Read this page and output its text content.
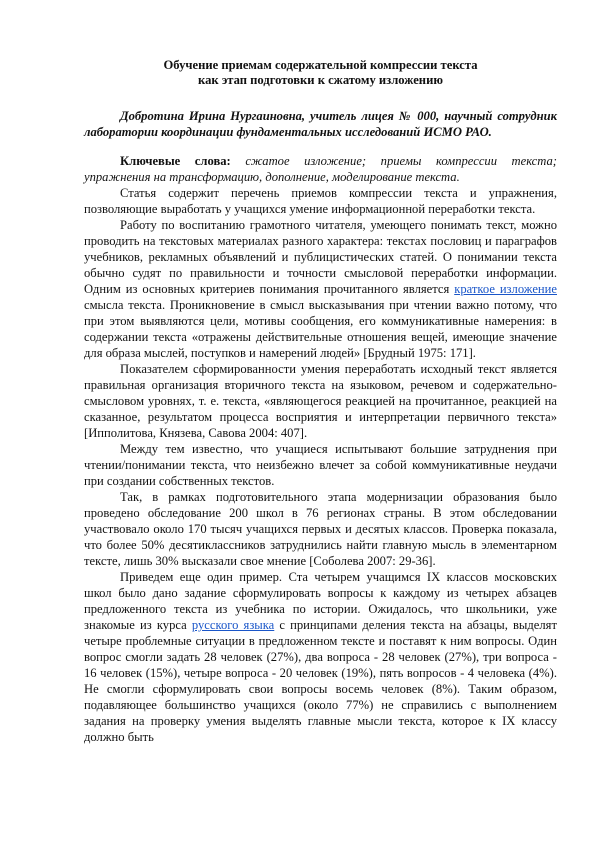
Обучение приемам содержательной компрессии текста
как этап подготовки к сжатому изложению

Добротина Ирина Нургаиновна, учитель лицея № 000, научный сотрудник лаборатории координации фундаментальных исследований ИСМО РАО.

Ключевые слова: сжатое изложение; приемы компрессии текста; упражнения на трансформацию, дополнение, моделирование текста.

Статья содержит перечень приемов компрессии текста и упражнения, позволяющие выработать у учащихся умение информационной переработки текста.

Работу по воспитанию грамотного читателя, умеющего понимать текст, можно проводить на текстовых материалах разного характера: текстах пословиц и параграфов учебников, рекламных объявлений и публицистических статей. О понимании текста обычно судят по правильности и точности смысловой переработки информации. Одним из основных критериев понимания прочитанного является краткое изложение смысла текста. Проникновение в смысл высказывания при чтении важно потому, что при этом выявляются цели, мотивы сообщения, его коммуникативные намерения: в содержании текста «отражены действительные отношения вещей, имеющие значение для образа мыслей, поступков и намерений людей» [Брудный 1975: 171].

Показателем сформированности умения переработать исходный текст является правильная организация вторичного текста на языковом, речевом и содержательно-смысловом уровнях, т. е. текста, «являющегося реакцией на прочитанное, реакцией на сказанное, результатом процесса восприятия и интерпретации первичного текста» [Ипполитова, Князева, Савова 2004: 407].

Между тем известно, что учащиеся испытывают большие затруднения при чтении/понимании текста, что неизбежно влечет за собой коммуникативные неудачи при создании собственных текстов.

Так, в рамках подготовительного этапа модернизации образования было проведено обследование 200 школ в 76 регионах страны. В этом обследовании участвовало около 170 тысяч учащихся первых и десятых классов. Проверка показала, что более 50% десятиклассников затруднились найти главную мысль в элементарном тексте, лишь 30% высказали свое мнение [Соболева 2007: 29-36].

Приведем еще один пример. Ста четырем учащимся IX классов московских школ было дано задание сформулировать вопросы к каждому из четырех абзацев предложенного текста из учебника по истории. Ожидалось, что школьники, уже знакомые из курса русского языка с принципами деления текста на абзацы, выделят четыре проблемные ситуации в предложенном тексте и поставят к ним вопросы. Один вопрос смогли задать 28 человек (27%), два вопроса - 28 человек (27%), три вопроса - 16 человек (15%), четыре вопроса - 20 человек (19%), пять вопросов - 4 человека (4%). Не смогли сформулировать свои вопросы восемь человек (8%). Таким образом, подавляющее большинство учащихся (около 77%) не справились с выполнением задания на проверку умения выделять главные мысли текста, которое к IX классу должно быть
